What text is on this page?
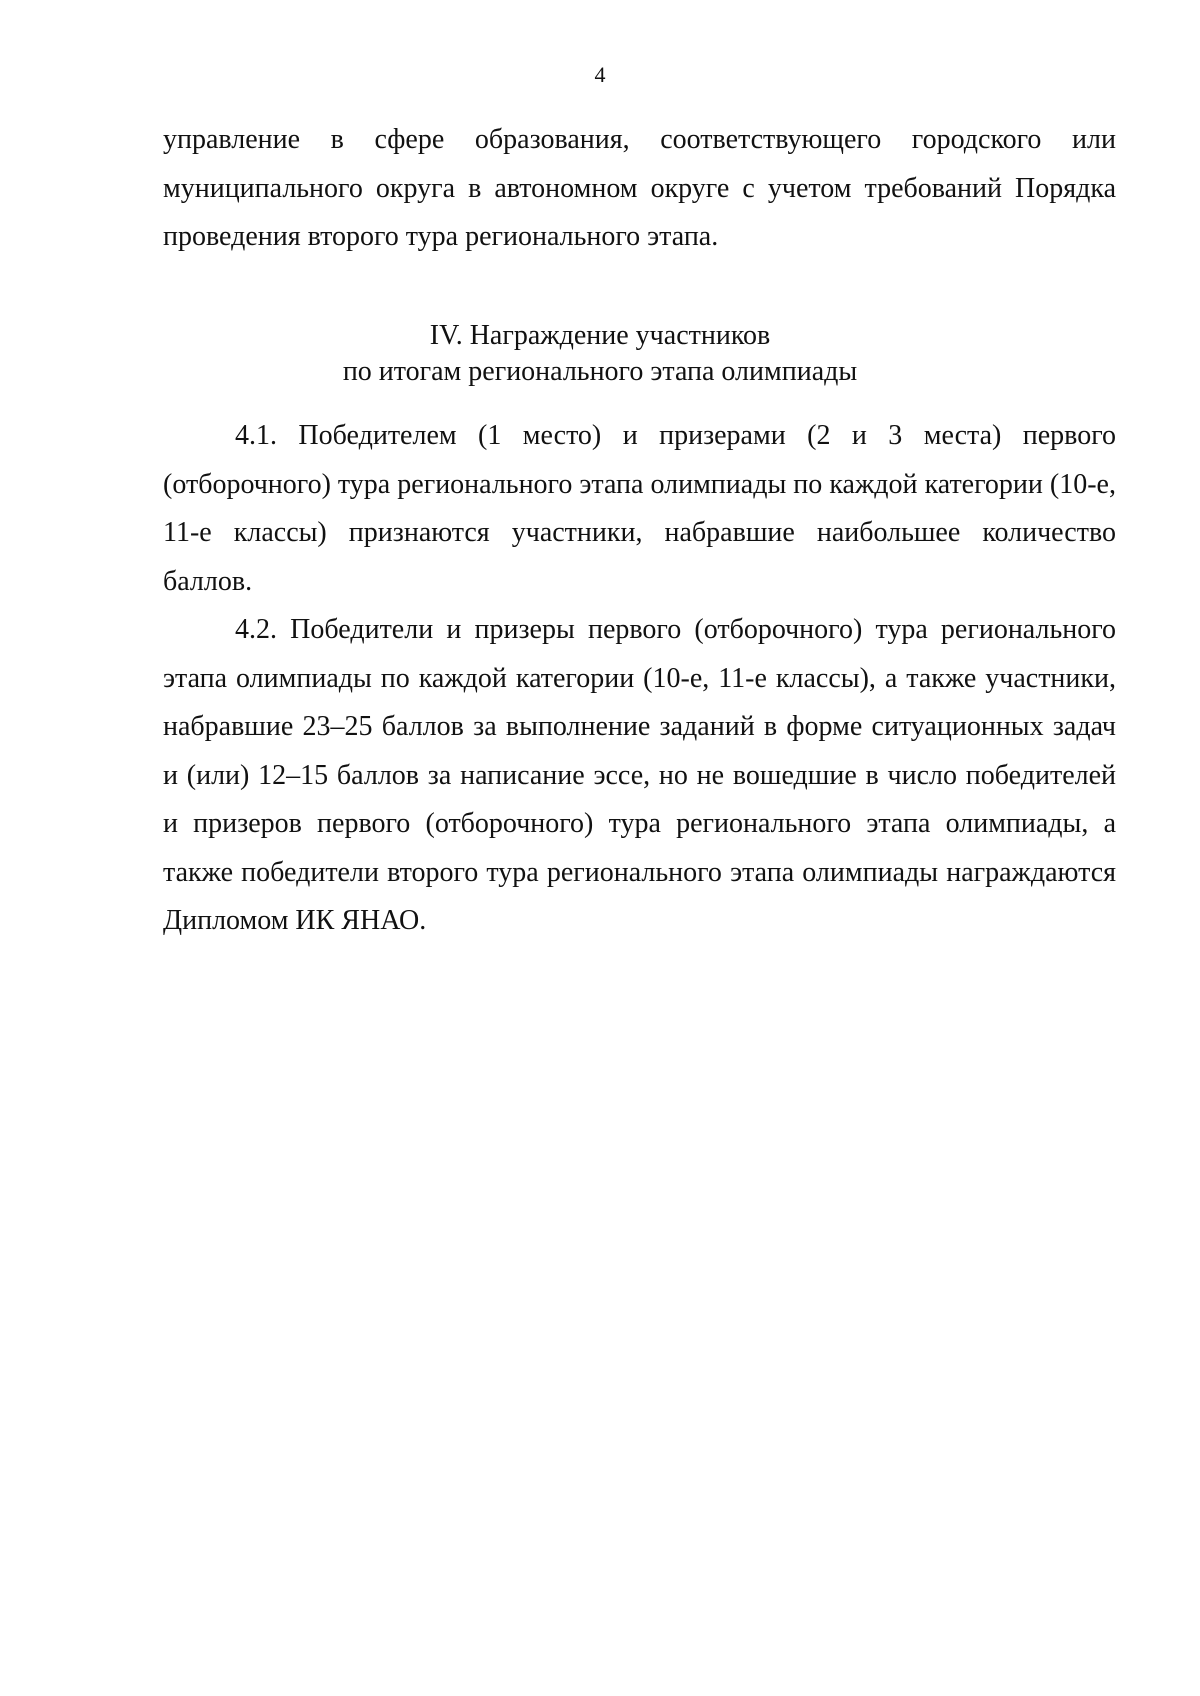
4

управление в сфере образования, соответствующего городского или муниципального округа в автономном округе с учетом требований Порядка проведения второго тура регионального этапа.

IV. Награждение участников
по итогам регионального этапа олимпиады

4.1. Победителем (1 место) и призерами (2 и 3 места) первого (отборочного) тура регионального этапа олимпиады по каждой категории (10-е, 11-е классы) признаются участники, набравшие наибольшее количество баллов.

4.2. Победители и призеры первого (отборочного) тура регионального этапа олимпиады по каждой категории (10-е, 11-е классы), а также участники, набравшие 23–25 баллов за выполнение заданий в форме ситуационных задач и (или) 12–15 баллов за написание эссе, но не вошедшие в число победителей и призеров первого (отборочного) тура регионального этапа олимпиады, а также победители второго тура регионального этапа олимпиады награждаются Дипломом ИК ЯНАО.
